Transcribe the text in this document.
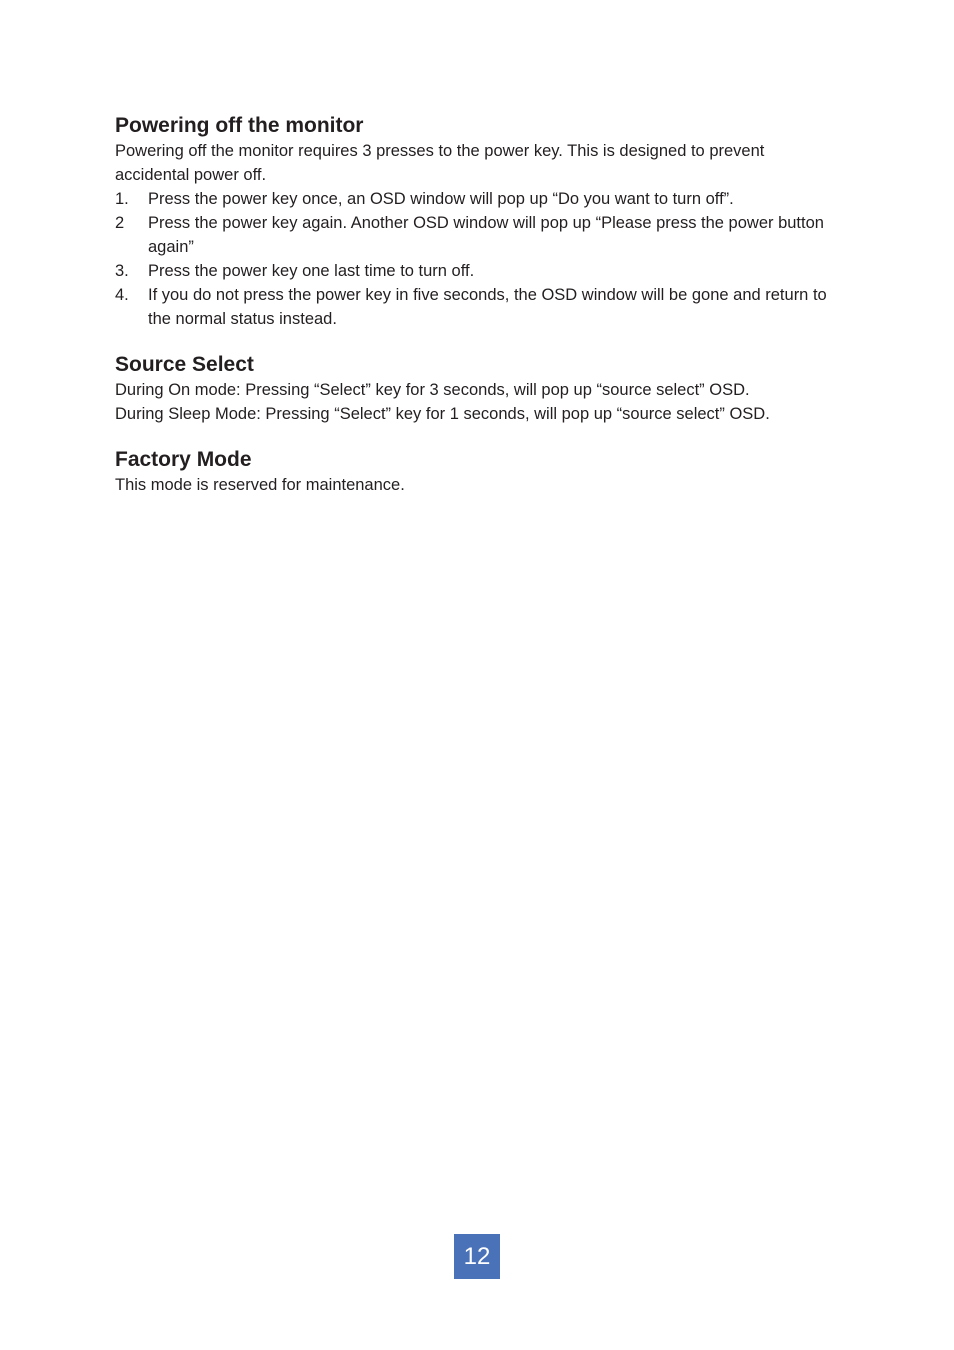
Powering off the monitor

Powering off the monitor requires 3 presses to the power key. This is designed to prevent accidental power off.

1.	Press the power key once, an OSD window will pop up “Do you want to turn off”.
2	Press the power key again. Another OSD window will pop up “Please press the power button again”
3.	Press the power key one last time to turn off.
4.	If you do not press the power key in five seconds, the OSD window will be gone and return to the normal status instead.
Source Select

During On mode: Pressing “Select” key for 3 seconds, will pop up “source select” OSD.

During Sleep Mode: Pressing “Select” key for 1 seconds, will pop up “source select” OSD.

Factory Mode

This mode is reserved for maintenance.

12
